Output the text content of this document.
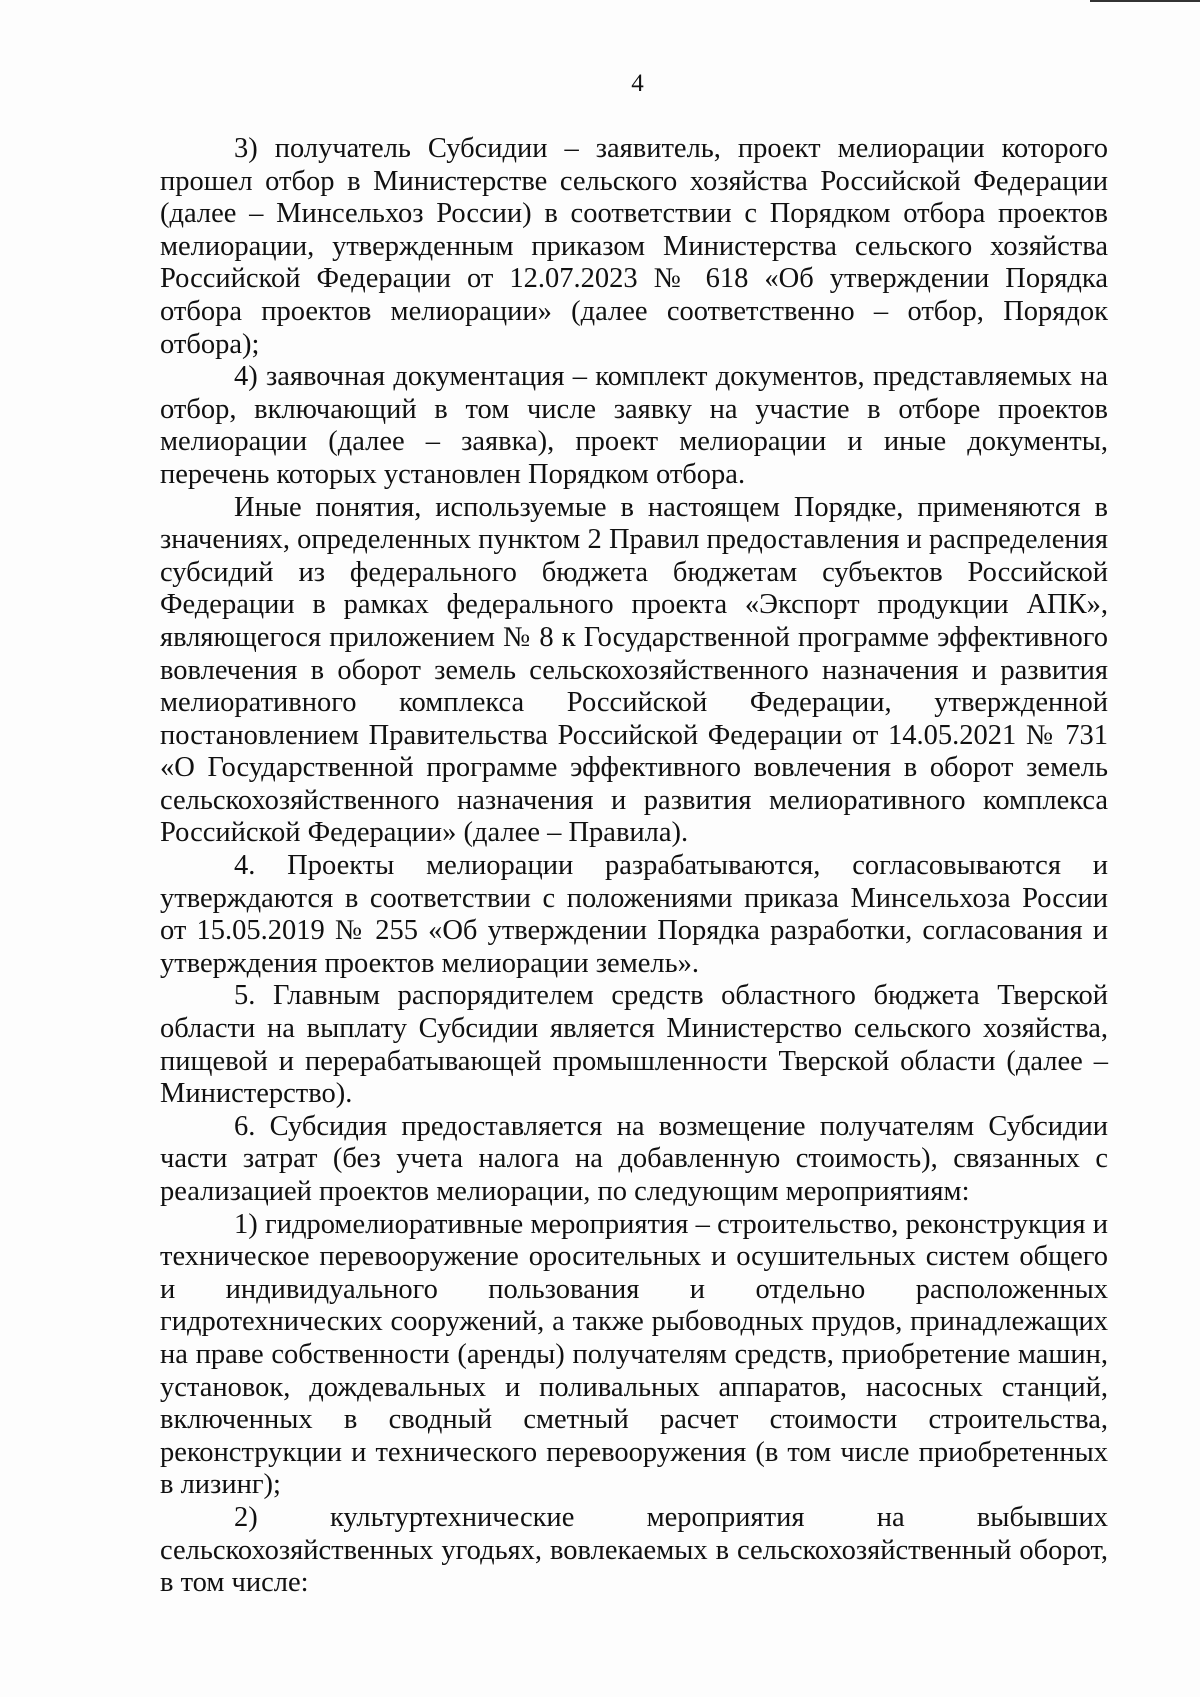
4

3) получатель Субсидии – заявитель, проект мелиорации которого прошел отбор в Министерстве сельского хозяйства Российской Федерации (далее – Минсельхоз России) в соответствии с Порядком отбора проектов мелиорации, утвержденным приказом Министерства сельского хозяйства Российской Федерации от 12.07.2023 № 618 «Об утверждении Порядка отбора проектов мелиорации» (далее соответственно – отбор, Порядок отбора);

4) заявочная документация – комплект документов, представляемых на отбор, включающий в том числе заявку на участие в отборе проектов мелиорации (далее – заявка), проект мелиорации и иные документы, перечень которых установлен Порядком отбора.

Иные понятия, используемые в настоящем Порядке, применяются в значениях, определенных пунктом 2 Правил предоставления и распределения субсидий из федерального бюджета бюджетам субъектов Российской Федерации в рамках федерального проекта «Экспорт продукции АПК», являющегося приложением № 8 к Государственной программе эффективного вовлечения в оборот земель сельскохозяйственного назначения и развития мелиоративного комплекса Российской Федерации, утвержденной постановлением Правительства Российской Федерации от 14.05.2021 № 731 «О Государственной программе эффективного вовлечения в оборот земель сельскохозяйственного назначения и развития мелиоративного комплекса Российской Федерации» (далее – Правила).

4. Проекты мелиорации разрабатываются, согласовываются и утверждаются в соответствии с положениями приказа Минсельхоза России от 15.05.2019 № 255 «Об утверждении Порядка разработки, согласования и утверждения проектов мелиорации земель».

5. Главным распорядителем средств областного бюджета Тверской области на выплату Субсидии является Министерство сельского хозяйства, пищевой и перерабатывающей промышленности Тверской области (далее – Министерство).

6. Субсидия предоставляется на возмещение получателям Субсидии части затрат (без учета налога на добавленную стоимость), связанных с реализацией проектов мелиорации, по следующим мероприятиям:

1) гидромелиоративные мероприятия – строительство, реконструкция и техническое перевооружение оросительных и осушительных систем общего и индивидуального пользования и отдельно расположенных гидротехнических сооружений, а также рыбоводных прудов, принадлежащих на праве собственности (аренды) получателям средств, приобретение машин, установок, дождевальных и поливальных аппаратов, насосных станций, включенных в сводный сметный расчет стоимости строительства, реконструкции и технического перевооружения (в том числе приобретенных в лизинг);

2) культуртехнические мероприятия на выбывших сельскохозяйственных угодьях, вовлекаемых в сельскохозяйственный оборот, в том числе:
